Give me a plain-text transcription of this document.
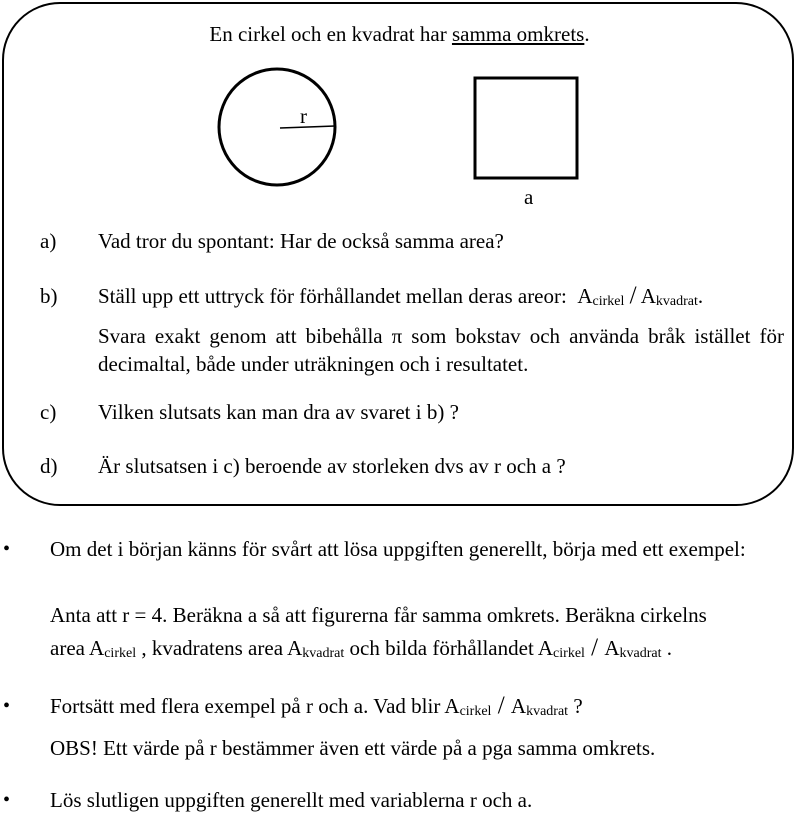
En cirkel och en kvadrat har samma omkrets.
r
a
a) Vad tror du spontant: Har de också samma area?
b) Ställ upp ett uttryck för förhållandet mellan deras areor: Acirkel / Akvadrat.
Svara exakt genom att bibehålla π som bokstav och använda bråk istället för decimaltal, både under uträkningen och i resultatet.
c) Vilken slutsats kan man dra av svaret i b) ?
d) Är slutsatsen i c) beroende av storleken dvs av r och a ?
• Om det i början känns för svårt att lösa uppgiften generellt, börja med ett exempel:
Anta att r = 4. Beräkna a så att figurerna får samma omkrets. Beräkna cirkelns
area Acirkel , kvadratens area Akvadrat och bilda förhållandet Acirkel / Akvadrat .
• Fortsätt med flera exempel på r och a. Vad blir Acirkel / Akvadrat ?
OBS! Ett värde på r bestämmer även ett värde på a pga samma omkrets.
• Lös slutligen uppgiften generellt med variablerna r och a.
